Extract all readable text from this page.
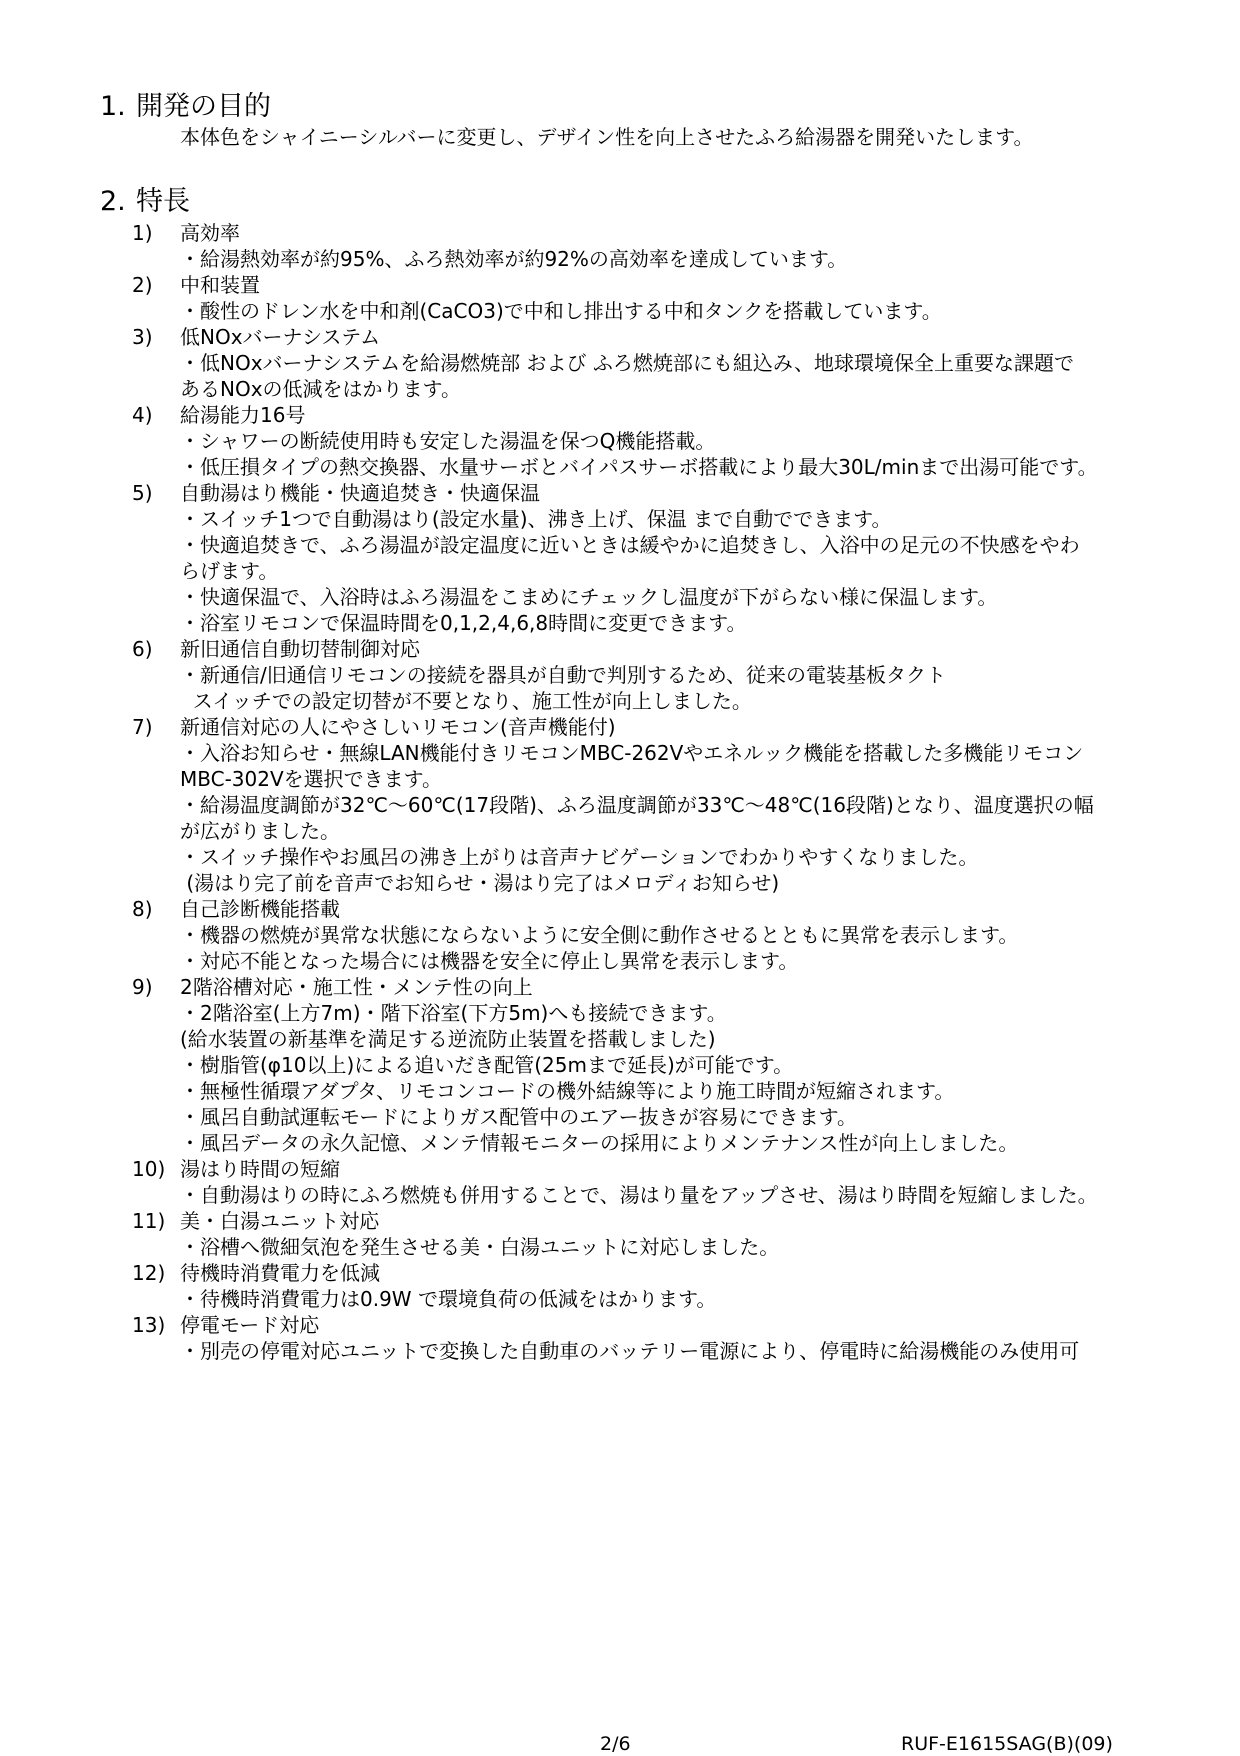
1. 開発の目的
本体色をシャイニーシルバーに変更し、デザイン性を向上させたふろ給湯器を開発いたします。
2. 特長
1) 高効率
・給湯熱効率が約95%、ふろ熱効率が約92%の高効率を達成しています。
2) 中和装置
・酸性のドレン水を中和剤(CaCO3)で中和し排出する中和タンクを搭載しています。
3) 低NOxバーナシステム
・低NOxバーナシステムを給湯燃焼部 および ふろ燃焼部にも組込み、地球環境保全上重要な課題で
あるNOxの低減をはかります。
4) 給湯能力16号
・シャワーの断続使用時も安定した湯温を保つQ機能搭載。
・低圧損タイプの熱交換器、水量サーボとバイパスサーボ搭載により最大30L/minまで出湯可能です。
5) 自動湯はり機能・快適追焚き・快適保温
・スイッチ1つで自動湯はり(設定水量)、沸き上げ、保温 まで自動でできます。
・快適追焚きで、ふろ湯温が設定温度に近いときは緩やかに追焚きし、入浴中の足元の不快感をやわ
らげます。
・快適保温で、入浴時はふろ湯温をこまめにチェックし温度が下がらない様に保温します。
・浴室リモコンで保温時間を0,1,2,4,6,8時間に変更できます。
6) 新旧通信自動切替制御対応
・新通信/旧通信リモコンの接続を器具が自動で判別するため、従来の電装基板タクト
スイッチでの設定切替が不要となり、施工性が向上しました。
7) 新通信対応の人にやさしいリモコン(音声機能付)
・入浴お知らせ・無線LAN機能付きリモコンMBC-262Vやエネルック機能を搭載した多機能リモコン
MBC-302Vを選択できます。
・給湯温度調節が32℃～60℃(17段階)、ふろ温度調節が33℃～48℃(16段階)となり、温度選択の幅
が広がりました。
・スイッチ操作やお風呂の沸き上がりは音声ナビゲーションでわかりやすくなりました。
(湯はり完了前を音声でお知らせ・湯はり完了はメロディお知らせ)
8) 自己診断機能搭載
・機器の燃焼が異常な状態にならないように安全側に動作させるとともに異常を表示します。
・対応不能となった場合には機器を安全に停止し異常を表示します。
9) 2階浴槽対応・施工性・メンテ性の向上
・2階浴室(上方7m)・階下浴室(下方5m)へも接続できます。
(給水装置の新基準を満足する逆流防止装置を搭載しました)
・樹脂管(φ10以上)による追いだき配管(25mまで延長)が可能です。
・無極性循環アダプタ、リモコンコードの機外結線等により施工時間が短縮されます。
・風呂自動試運転モードによりガス配管中のエアー抜きが容易にできます。
・風呂データの永久記憶、メンテ情報モニターの採用によりメンテナンス性が向上しました。
10) 湯はり時間の短縮
・自動湯はりの時にふろ燃焼も併用することで、湯はり量をアップさせ、湯はり時間を短縮しました。
11) 美・白湯ユニット対応
・浴槽へ微細気泡を発生させる美・白湯ユニットに対応しました。
12) 待機時消費電力を低減
・待機時消費電力は0.9W で環境負荷の低減をはかります。
13) 停電モード対応
・別売の停電対応ユニットで変換した自動車のバッテリー電源により、停電時に給湯機能のみ使用可
2/6	RUF-E1615SAG(B)(09)
